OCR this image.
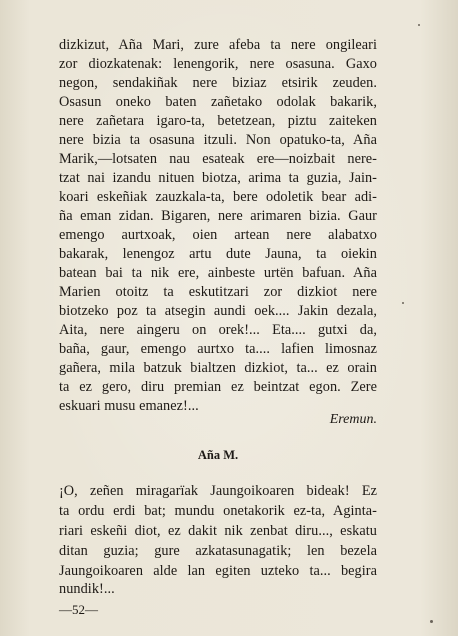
dizkizut, Aña Mari, zure afeba ta nere ongileari
zor diozkatenak: lenengorik, nere osasuna. Gaxo
negon, sendakiñak nere biziaz etsirik zeuden.
Osasun oneko baten zañetako odolak bakarik,
nere zañetara igaro-ta, betetzean, piztu zaiteken
nere bizia ta osasuna itzuli. Non opatuko-ta, Aña
Marik,—lotsaten nau esateak ere—noizbait nere-
tzat nai izandu nituen biotza, arima ta guzia, Jain-
koari eskeñiak zauzkala-ta, bere odoletik bear adi-
ña eman zidan. Bigaren, nere arimaren bizia. Gaur
emengo aurtxoak, oien artean nere alabatxo
bakarak, lenengoz artu dute Jauna, ta oiekin
batean bai ta nik ere, ainbeste urtën bafuan. Aña
Marien otoitz ta eskutitzari zor dizkiot nere
biotzeko poz ta atsegin aundi oek.... Jakin dezala,
Aita, nere aingeru on orek!... Eta.... gutxi da,
baña, gaur, emengo aurtxo ta.... lafien limosnaz
gañera, mila batzuk bialtzen dizkiot, ta... ez orain
ta ez gero, diru premian ez beintzat egon. Zere
eskuari musu emanez!...
Eremun.
Aña M.
¡O, zeñen miragarïak Jaungoikoaren bideak! Ez
ta ordu erdi bat; mundu onetakorik ez-ta, Aginta-
riari eskeñi diot, ez dakit nik zenbat diru..., eskatu
ditan guzia; gure azkatasunagatik; len bezela
Jaungoikoaren alde lan egiten uzteko ta... begira
nundik!...
—52—
